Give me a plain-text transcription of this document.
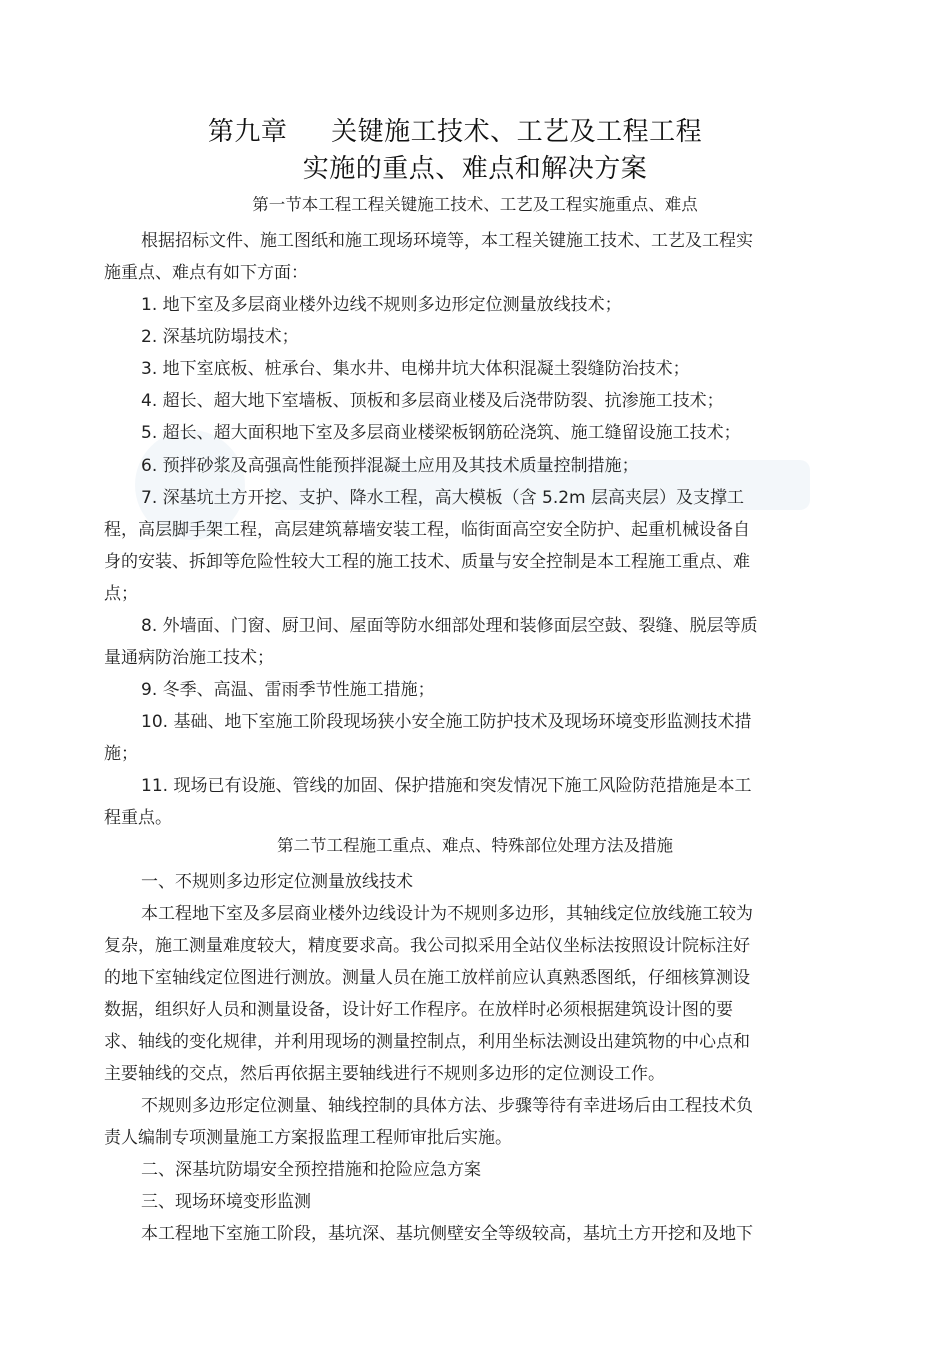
第九章     关键施工技术、工艺及工程工程
实施的重点、难点和解决方案
第一节本工程工程关键施工技术、工艺及工程实施重点、难点
根据招标文件、施工图纸和施工现场环境等，本工程关键施工技术、工艺及工程实
施重点、难点有如下方面：
1. 地下室及多层商业楼外边线不规则多边形定位测量放线技术；
2. 深基坑防塌技术；
3. 地下室底板、桩承台、集水井、电梯井坑大体积混凝土裂缝防治技术；
4. 超长、超大地下室墙板、顶板和多层商业楼及后浇带防裂、抗渗施工技术；
5. 超长、超大面积地下室及多层商业楼梁板钢筋砼浇筑、施工缝留设施工技术；
6. 预拌砂浆及高强高性能预拌混凝土应用及其技术质量控制措施；
7. 深基坑土方开挖、支护、降水工程，高大模板（含 5.2m 层高夹层）及支撑工
程，高层脚手架工程，高层建筑幕墙安装工程，临街面高空安全防护、起重机械设备自
身的安装、拆卸等危险性较大工程的施工技术、质量与安全控制是本工程施工重点、难
点；
8. 外墙面、门窗、厨卫间、屋面等防水细部处理和装修面层空鼓、裂缝、脱层等质
量通病防治施工技术；
9. 冬季、高温、雷雨季节性施工措施；
10. 基础、地下室施工阶段现场狭小安全施工防护技术及现场环境变形监测技术措
施；
11. 现场已有设施、管线的加固、保护措施和突发情况下施工风险防范措施是本工
程重点。
第二节工程施工重点、难点、特殊部位处理方法及措施
一、不规则多边形定位测量放线技术
本工程地下室及多层商业楼外边线设计为不规则多边形，其轴线定位放线施工较为
复杂，施工测量难度较大，精度要求高。我公司拟采用全站仪坐标法按照设计院标注好
的地下室轴线定位图进行测放。测量人员在施工放样前应认真熟悉图纸，仔细核算测设
数据，组织好人员和测量设备，设计好工作程序。在放样时必须根据建筑设计图的要
求、轴线的变化规律，并利用现场的测量控制点，利用坐标法测设出建筑物的中心点和
主要轴线的交点，然后再依据主要轴线进行不规则多边形的定位测设工作。
不规则多边形定位测量、轴线控制的具体方法、步骤等待有幸进场后由工程技术负
责人编制专项测量施工方案报监理工程师审批后实施。
二、深基坑防塌安全预控措施和抢险应急方案
三、现场环境变形监测
本工程地下室施工阶段，基坑深、基坑侧壁安全等级较高，基坑土方开挖和及地下
